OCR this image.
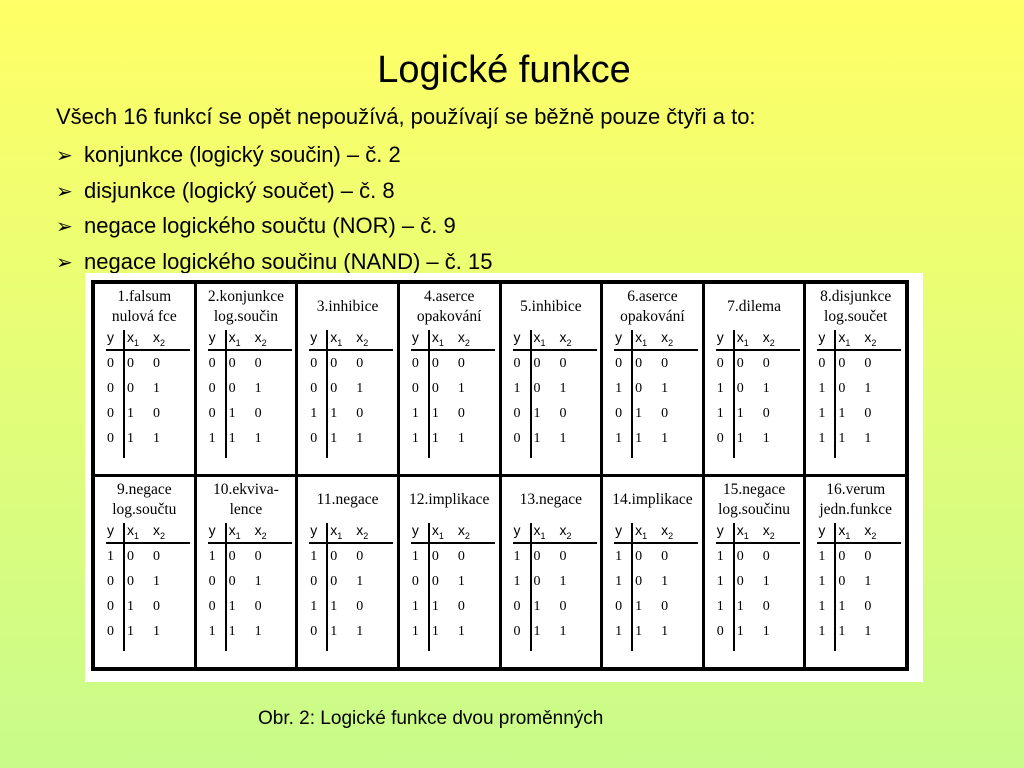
Logické funkce
Všech 16 funkcí se opět nepoužívá, používají se běžně pouze čtyři a to:
➢ konjunkce (logický součin) – č. 2
➢ disjunkce (logický součet) – č. 8
➢ negace logického součtu (NOR) – č. 9
➢ negace logického součinu (NAND) – č. 15
1.falsum
nulová fce
y $x_1$ $x_2$
0 0 0
0 0 1
0 1 0
0 1 1
2.konjunkce
log.součin
y $x_1$ $x_2$
0 0 0
0 0 1
0 1 0
1 1 1
3.inhibice
y $x_1$ $x_2$
0 0 0
0 0 1
1 1 0
0 1 1
4.aserce
opakování
y $x_1$ $x_2$
0 0 0
0 0 1
1 1 0
1 1 1
5.inhibice
y $x_1$ $x_2$
0 0 0
1 0 1
0 1 0
0 1 1
6.aserce
opakování
y $x_1$ $x_2$
0 0 0
1 0 1
0 1 0
1 1 1
7.dilema
y $x_1$ $x_2$
0 0 0
1 0 1
1 1 0
0 1 1
8.disjunkce
log.součet
y $x_1$ $x_2$
0 0 0
1 0 1
1 1 0
1 1 1
9.negace
log.součtu
y $x_1$ $x_2$
1 0 0
0 0 1
0 1 0
0 1 1
10.ekviva-
lence
y $x_1$ $x_2$
1 0 0
0 0 1
0 1 0
1 1 1
11.negace
y $x_1$ $x_2$
1 0 0
0 0 1
1 1 0
0 1 1
12.implikace
y $x_1$ $x_2$
1 0 0
0 0 1
1 1 0
1 1 1
13.negace
y $x_1$ $x_2$
1 0 0
1 0 1
0 1 0
0 1 1
14.implikace
y $x_1$ $x_2$
1 0 0
1 0 1
0 1 0
1 1 1
15.negace
log.součinu
y $x_1$ $x_2$
1 0 0
1 0 1
1 1 0
0 1 1
16.verum
jedn.funkce
y $x_1$ $x_2$
1 0 0
1 0 1
1 1 0
1 1 1
Obr. 2: Logické funkce dvou proměnných
